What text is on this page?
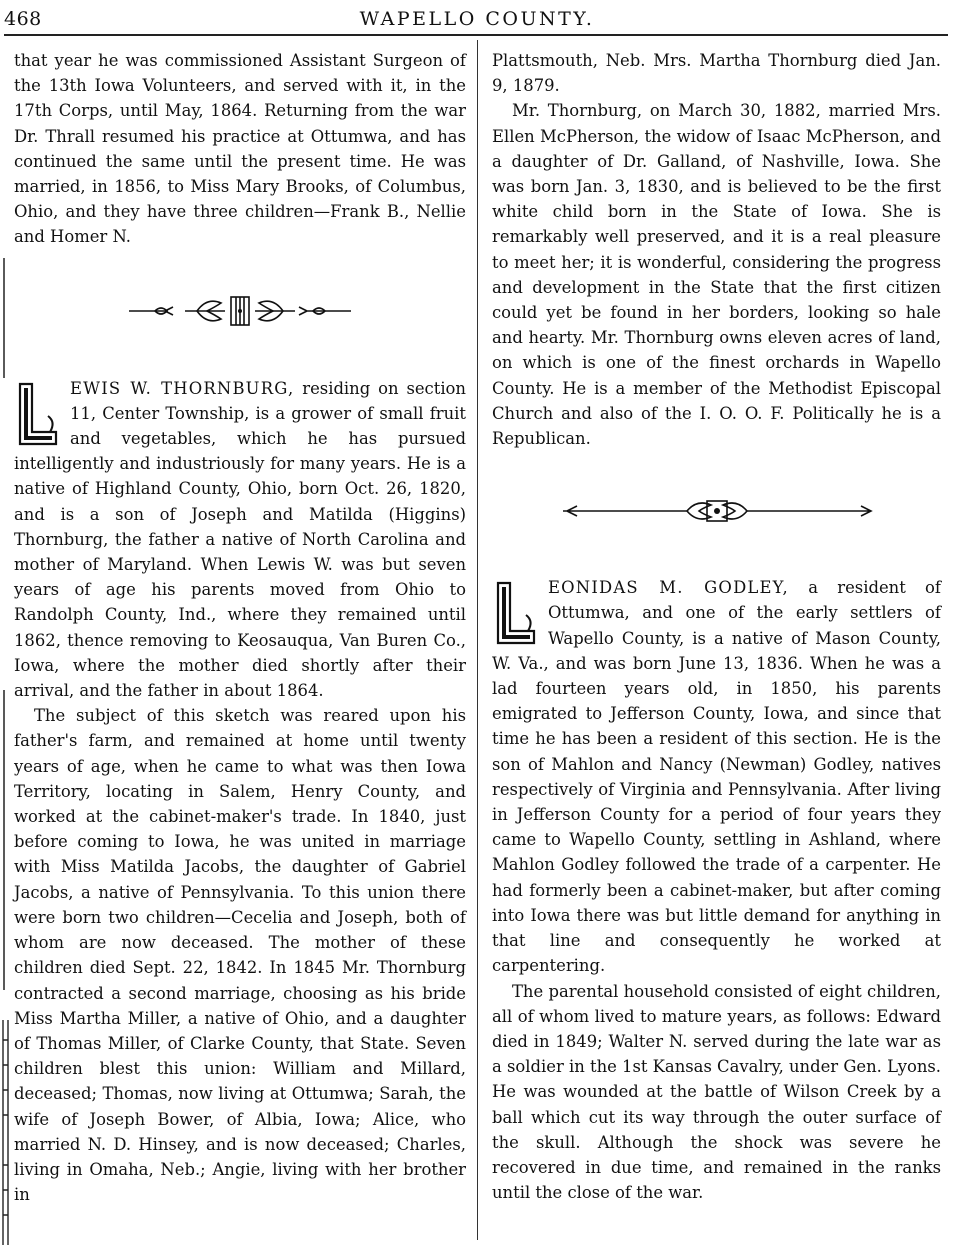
468	WAPELLO COUNTY.

that year he was commissioned Assistant Surgeon of the 13th Iowa Volunteers, and served with it, in the 17th Corps, until May, 1864. Returning from the war Dr. Thrall resumed his practice at Ottumwa, and has continued the same until the present time. He was married, in 1856, to Miss Mary Brooks, of Columbus, Ohio, and they have three children—Frank B., Nellie and Homer N.

EWIS W. THORNBURG, residing on section 11, Center Township, is a grower of small fruit and vegetables, which he has pursued intelligently and industriously for many years. He is a native of Highland County, Ohio, born Oct. 26, 1820, and is a son of Joseph and Matilda (Higgins) Thornburg, the father a native of North Carolina and mother of Maryland. When Lewis W. was but seven years of age his parents moved from Ohio to Randolph County, Ind., where they remained until 1862, thence removing to Keosauqua, Van Buren Co., Iowa, where the mother died shortly after their arrival, and the father in about 1864.

The subject of this sketch was reared upon his father's farm, and remained at home until twenty years of age, when he came to what was then Iowa Territory, locating in Salem, Henry County, and worked at the cabinet-maker's trade. In 1840, just before coming to Iowa, he was united in marriage with Miss Matilda Jacobs, the daughter of Gabriel Jacobs, a native of Pennsylvania. To this union there were born two children—Cecelia and Joseph, both of whom are now deceased. The mother of these children died Sept. 22, 1842. In 1845 Mr. Thornburg contracted a second marriage, choosing as his bride Miss Martha Miller, a native of Ohio, and a daughter of Thomas Miller, of Clarke County, that State. Seven children blest this union: William and Millard, deceased; Thomas, now living at Ottumwa; Sarah, the wife of Joseph Bower, of Albia, Iowa; Alice, who married N. D. Hinsey, and is now deceased; Charles, living in Omaha, Neb.; Angie, living with her brother in

Plattsmouth, Neb. Mrs. Martha Thornburg died Jan. 9, 1879.

Mr. Thornburg, on March 30, 1882, married Mrs. Ellen McPherson, the widow of Isaac McPherson, and a daughter of Dr. Galland, of Nashville, Iowa. She was born Jan. 3, 1830, and is believed to be the first white child born in the State of Iowa. She is remarkably well preserved, and it is a real pleasure to meet her; it is wonderful, considering the progress and development in the State that the first citizen could yet be found in her borders, looking so hale and hearty. Mr. Thornburg owns eleven acres of land, on which is one of the finest orchards in Wapello County. He is a member of the Methodist Episcopal Church and also of the I. O. O. F. Politically he is a Republican.

EONIDAS M. GODLEY, a resident of Ottumwa, and one of the early settlers of Wapello County, is a native of Mason County, W. Va., and was born June 13, 1836. When he was a lad fourteen years old, in 1850, his parents emigrated to Jefferson County, Iowa, and since that time he has been a resident of this section. He is the son of Mahlon and Nancy (Newman) Godley, natives respectively of Virginia and Pennsylvania. After living in Jefferson County for a period of four years they came to Wapello County, settling in Ashland, where Mahlon Godley followed the trade of a carpenter. He had formerly been a cabinet-maker, but after coming into Iowa there was but little demand for anything in that line and consequently he worked at carpentering.

The parental household consisted of eight children, all of whom lived to mature years, as follows: Edward died in 1849; Walter N. served during the late war as a soldier in the 1st Kansas Cavalry, under Gen. Lyons. He was wounded at the battle of Wilson Creek by a ball which cut its way through the outer surface of the skull. Although the shock was severe he recovered in due time, and remained in the ranks until the close of the war.
